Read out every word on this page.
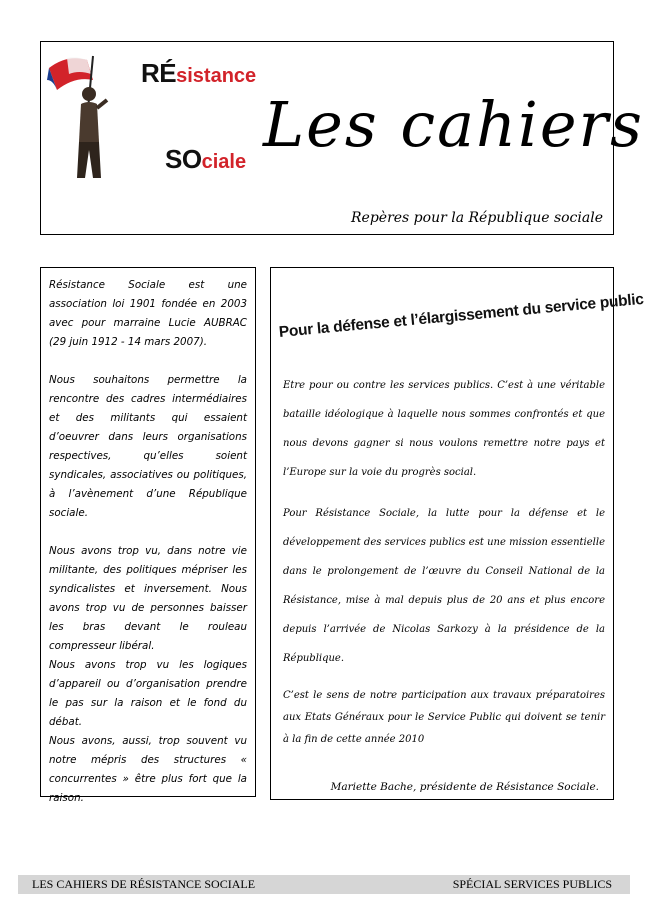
RÉsistance
SOciale
Les cahiers
Repères pour la République sociale

Résistance Sociale est une association loi 1901 fondée en 2003 avec pour marraine Lucie AUBRAC (29 juin 1912 - 14 mars 2007).

Nous souhaitons permettre la rencontre des cadres intermédiaires et des militants qui essaient d’oeuvrer dans leurs organisations respectives, qu’elles soient syndicales, associatives ou politiques, à l’avènement d’une République sociale.

Nous avons trop vu, dans notre vie militante, des politiques mépriser les syndicalistes et inversement. Nous avons trop vu de personnes baisser les bras devant le rouleau compresseur libéral.

Nous avons trop vu les logiques d’appareil ou d’organisation prendre le pas sur la raison et le fond du débat.

Nous avons, aussi, trop souvent vu notre mépris des structures « concurrentes » être plus fort que la raison.

Pour la défense et l’élargissement du service public

Etre pour ou contre les services publics. C’est à une véritable bataille idéologique à laquelle nous sommes confrontés et que nous devons gagner si nous voulons remettre notre pays et l’Europe sur la voie du progrès social.

Pour Résistance Sociale, la lutte pour la défense et le développement des services publics est une mission essentielle dans le prolongement de l’œuvre du Conseil National de la Résistance, mise à mal depuis plus de 20 ans et plus encore depuis l’arrivée de Nicolas Sarkozy à la présidence de la République.

C’est le sens de notre participation aux travaux préparatoires aux Etats Généraux pour le Service Public qui doivent se tenir à la fin de cette année 2010

Mariette Bache, présidente de Résistance Sociale.
LES CAHIERS DE RÉSISTANCE SOCIALE	SPÉCIAL SERVICES PUBLICS
